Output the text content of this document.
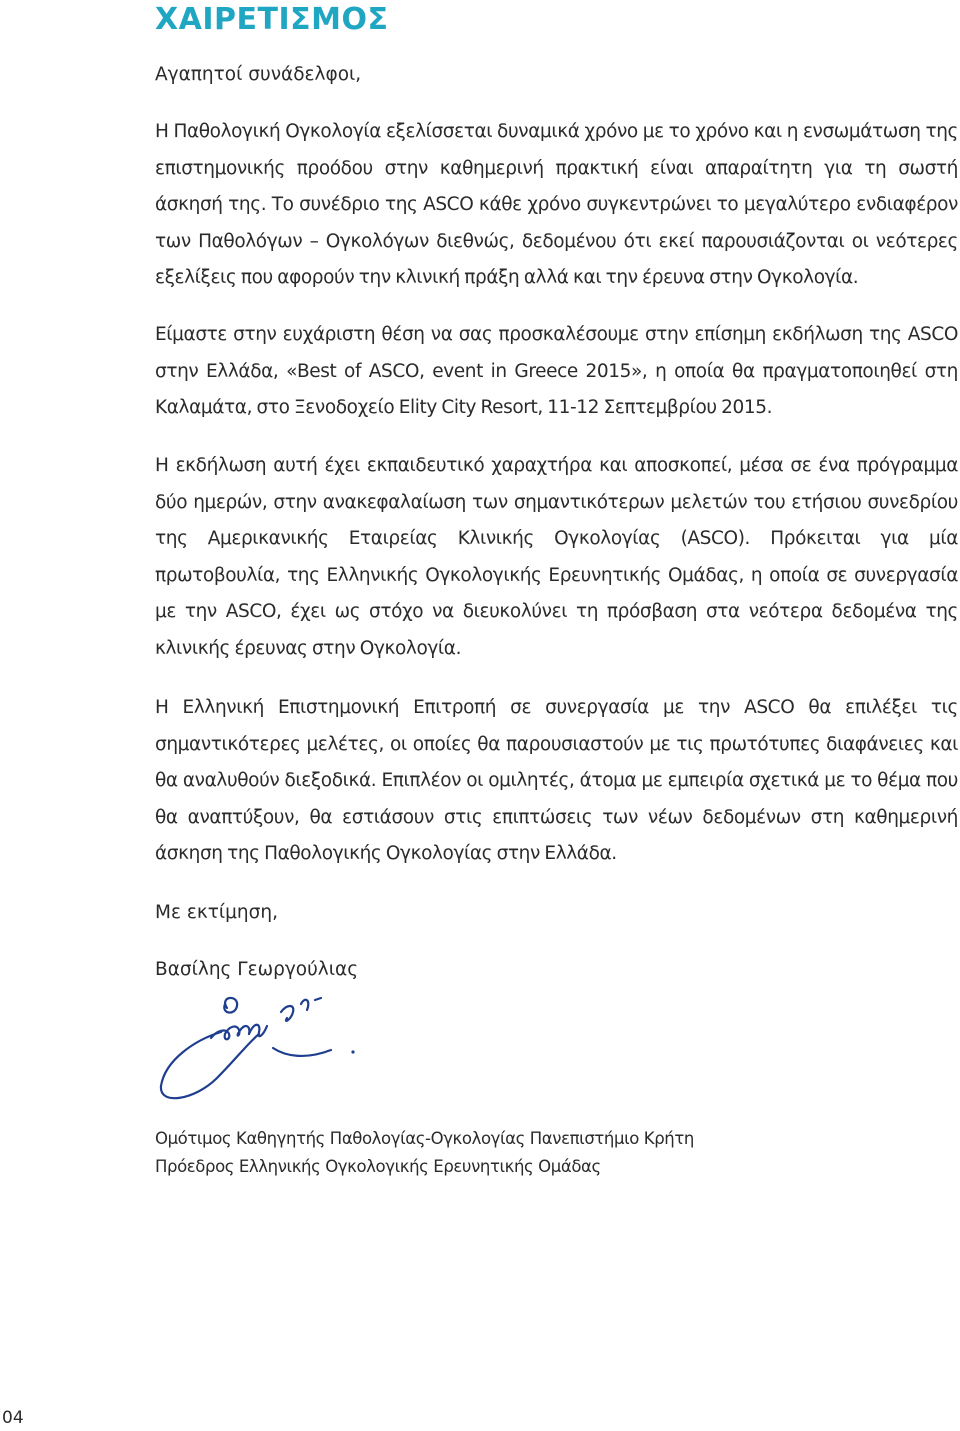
ΧΑΙΡΕΤΙΣΜΟΣ

Αγαπητοί συνάδελφοι,

Η Παθολογική Ογκολογία εξελίσσεται δυναμικά χρόνο με το χρόνο και η ενσωμάτωση της επιστημονικής προόδου στην καθημερινή πρακτική είναι απαραίτητη για τη σωστή άσκησή της. Το συνέδριο της ASCO κάθε χρόνο συγκεντρώνει το μεγαλύτερο ενδιαφέρον των Παθολόγων – Ογκολόγων διεθνώς, δεδομένου ότι εκεί παρουσιάζονται οι νεότερες εξελίξεις που αφορούν την κλινική πράξη αλλά και την έρευνα στην Ογκολογία.

Είμαστε στην ευχάριστη θέση να σας προσκαλέσουμε στην επίσημη εκδήλωση της ASCO στην Ελλάδα, «Best of ASCO, event in Greece 2015», η οποία θα πραγματοποιηθεί στη Καλαμάτα, στο Ξενοδοχείο Elity City Resort, 11-12 Σεπτεμβρίου 2015.

Η εκδήλωση αυτή έχει εκπαιδευτικό χαραχτήρα και αποσκοπεί, μέσα σε ένα πρόγραμμα δύο ημερών, στην ανακεφαλαίωση των σημαντικότερων μελετών του ετήσιου συνεδρίου της Αμερικανικής Εταιρείας Κλινικής Ογκολογίας (ASCO). Πρόκειται για μία πρωτοβουλία, της Ελληνικής Ογκολογικής Ερευνητικής Ομάδας, η οποία σε συνεργασία με την ASCO, έχει ως στόχο να διευκολύνει τη πρόσβαση στα νεότερα δεδομένα της κλινικής έρευνας στην Ογκολογία.

Η Ελληνική Επιστημονική Επιτροπή σε συνεργασία με την ASCO θα επιλέξει τις σημαντικότερες μελέτες, οι οποίες θα παρουσιαστούν με τις πρωτότυπες διαφάνειες και θα αναλυθούν διεξοδικά. Επιπλέον οι ομιλητές, άτομα με εμπειρία σχετικά με το θέμα που θα αναπτύξουν, θα εστιάσουν στις επιπτώσεις των νέων δεδομένων στη καθημερινή άσκηση της Παθολογικής Ογκολογίας στην Ελλάδα.

Με εκτίμηση,

Βασίλης Γεωργούλιας

Ομότιμος Καθηγητής Παθολογίας-Ογκολογίας Πανεπιστήμιο Κρήτη

Πρόεδρος Ελληνικής Ογκολογικής Ερευνητικής Ομάδας

04
